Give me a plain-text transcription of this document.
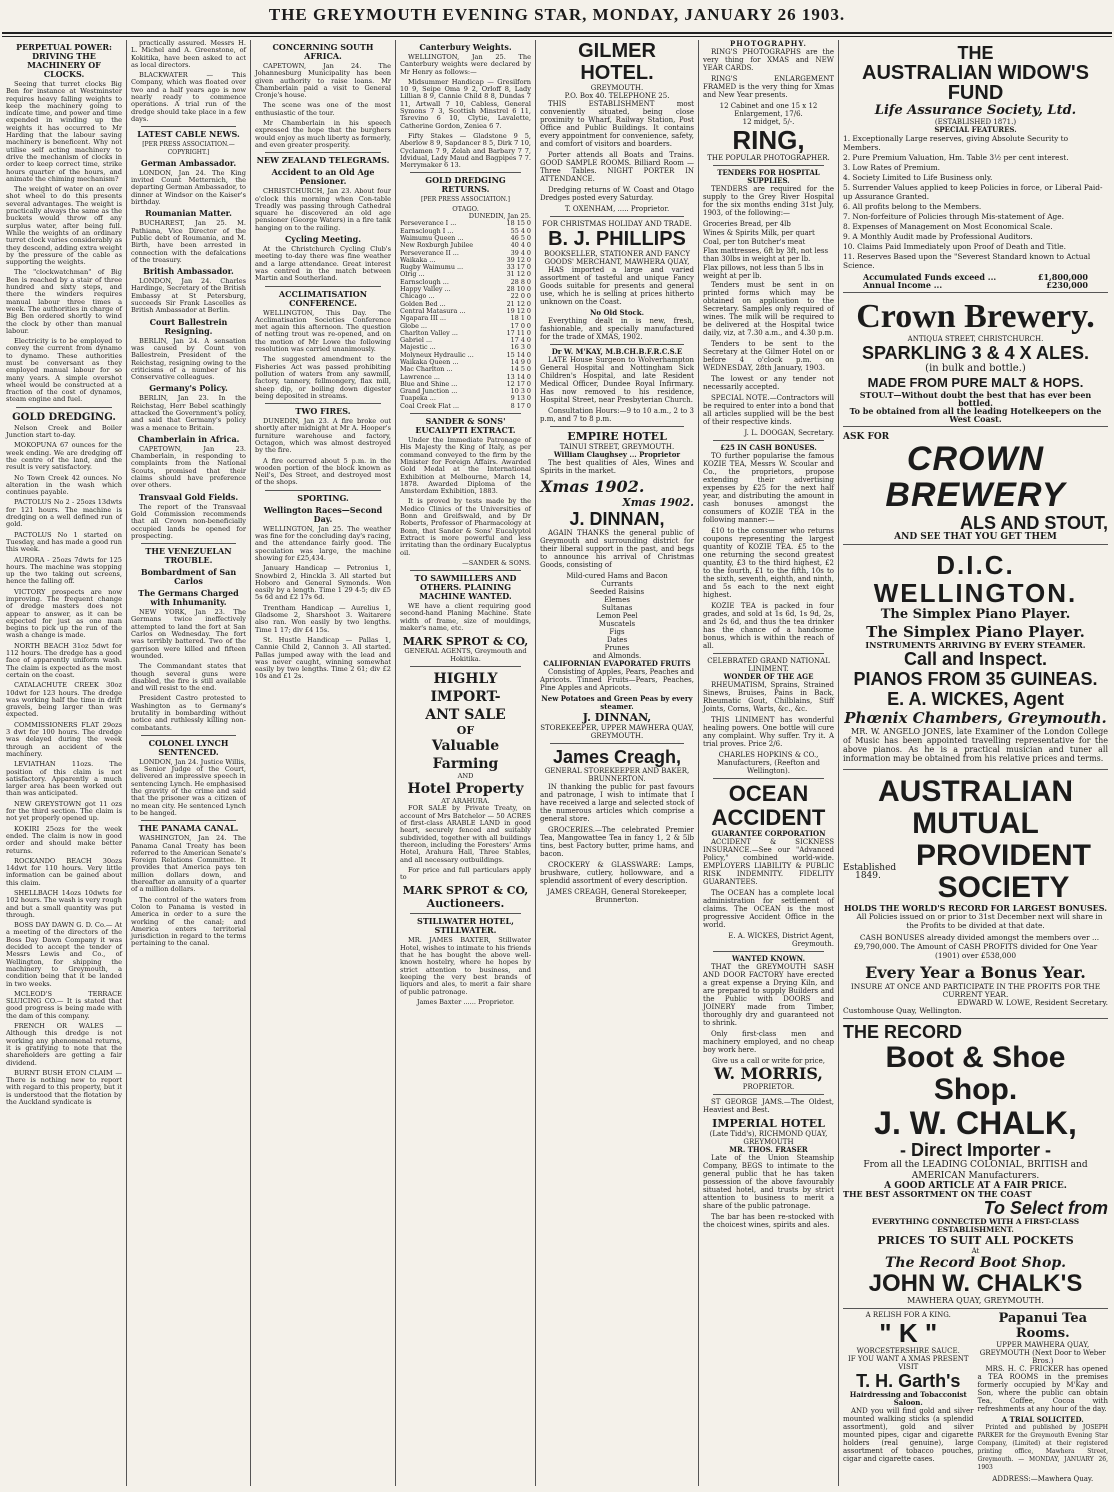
THE GREYMOUTH EVENING STAR, MONDAY, JANUARY 26 1903.
PERPETUAL POWER: DRIVING THE MACHINERY OF CLOCKS.

Seeing that turret clocks Big Ben for instance at Westminster requires heavy falling weights to keep the machinery going to indicate time, and power and time expended in winding up the weights it has occurred to Mr Harding that the labour saving machinery is beneficent. Why not utilise self acting machinery to drive the mechanism of clocks in order to keep correct time, strike hours quarter of the hours, and animate the chiming mechanism?

The weight of water on an over shot wheel to do this presents several advantages. The weight is practically always the same as the buckets would throw off any surplus water, after being full. While the weights of an ordinary turret clock varies considerably as they descend, adding extra weight by the pressure of the cable as supporting the weights.

The "clockwatchman" of Big Ben is reached by a stair of three hundred and sixty steps, and there the winders requires manual labour three times a week. The authorities in charge of Big Ben ordered shortly to wind the clock by other than manual labour.

Electricity is to be employed to convey the current from dynamo to dynamo. These authorities must be conversant as they employed manual labour for so many years. A simple overshot wheel would be constructed at a fraction of the cost of dynamos, steam engine and fuel.

GOLD DREDGING.

Nelson Creek and Boiler Junction start to-day.

MOKOPUNA 67 ounces for the week ending. We are dredging off the centre of the land, and the result is very satisfactory.

No Town Creek 42 ounces. No alteration in the wash which continues payable.

PACTOLUS No 2 - 25ozs 13dwts for 121 hours. The machine is dredging on a well defined run of gold.

PACTOLUS No 1 started on Tuesday, and has made a good run this week.

AURORA - 25ozs 7dwts for 125 hours. The machine was stopping up the two taking out screens, hence the falling off.

VICTORY prospects are now improving. The frequent change of dredge masters does not appear to answer, as it can be expected for just as one man begins to pick up the run of the wash a change is made.

NORTH BEACH 31oz 5dwt for 112 hours. The dredge has a good face of apparently uniform wash. The claim is expected as the most certain on the coast.

CATALACHUTE CREEK 30oz 10dwt for 123 hours. The dredge was working half the time in drift gravels, being larger than was expected.

COMMISSIONERS FLAT 29ozs 3 dwt for 100 hours. The dredge was delayed during the week through an accident of the machinery.

LEVIATHAN 11ozs. The position of this claim is not satisfactory. Apparently a much larger area has been worked out than was anticipated.

NEW GREYSTOWN got 11 ozs for the third section. The claim is not yet properly opened up.

KOKIRI 25ozs for the week ended. The claim is now in good order and should make better returns.

ROCKANDO BEACH 30ozs 14dwt for 110 hours. Very little information can be gained about this claim.

SHELLBACH 14ozs 10dwts for 102 hours. The wash is very rough and but a small quantity was put through.

BOSS DAY DAWN G. D. Co.— At a meeting of the directors of the Boss Day Dawn Company it was decided to accept the tender of Messrs Lewis and Co., of Wellington, for shipping the machinery to Greymouth, a condition being that it be landed in two weeks.

MCLEOD'S TERRACE SLUICING CO.— It is stated that good progress is being made with the dam of this company.

FRENCH OR WALES — Although this dredge is not working any phenomenal returns, it is gratifying to note that the shareholders are getting a fair dividend.

BURNT BUSH ETON CLAIM — There is nothing new to report with regard to this property, but it is understood that the flotation by the Auckland syndicate is

practically assured. Messrs H. L. Michel and A. Greenstone, of Kokitika, have been asked to act as local directors.

BLACKWATER — This Company, which was floated over two and a half years ago is now nearly ready to commence operations. A trial run of the dredge should take place in a few days.

LATEST CABLE NEWS.
[PER PRESS ASSOCIATION.—COPYRIGHT.]
German Ambassador.

LONDON, Jan 24. The King invited Count Metternich, the departing German Ambassador, to dinner at Windsor on the Kaiser's birthday.

Roumanian Matter.

BUCHAREST, Jan 25. M. Pathiana, Vice Director of the Public debt of Roumania, and M. Birth, have been arrested in connection with the defalcations of the treasury.

British Ambassador.

LONDON, Jan 24. Charles Hardinge, Secretary of the British Embassy at St Petersburg, succeeds Sir Frank Lascelles as British Ambassador at Berlin.

Court Ballestrein Resigning.

BERLIN, Jan 24. A sensation was caused by Count von Ballestrein, President of the Reichstag, resigning owing to the criticisms of a number of his Conservative colleagues.

Germany's Policy.

BERLIN, Jan 23. In the Reichstag, Herr Bebel scathingly attacked the Government's policy, and said that Germany's policy was a menace to Britain.

Chamberlain in Africa.

CAPETOWN, Jan 23. Chamberlain, in responding to complaints from the National Scouts, promised that their claims should have preference over others.

Transvaal Gold Fields.

The report of the Transvaal Gold Commission recommends that all Crown non-beneficially occupied lands be opened for prospecting.

THE VENEZUELAN TROUBLE.
Bombardment of San Carlos
The Germans Charged with Inhumanity.

NEW YORK, Jan 23. The Germans twice ineffectively attempted to land the fort at San Carlos on Wednesday. The fort was terribly battered. Two of the garrison were killed and fifteen wounded.

The Commandant states that though several guns were disabled, the fire is still available and will resist to the end.

President Castro protested to Washington as to Germany's brutality in bombarding without notice and ruthlessly killing non-combatants.

COLONEL LYNCH SENTENCED.

LONDON, Jan 24. Justice Willis, as Senior Judge of the Court, delivered an impressive speech in sentencing Lynch. He emphasised the gravity of the crime and said that the prisoner was a citizen of no mean city. He sentenced Lynch to be hanged.

THE PANAMA CANAL.

WASHINGTON, Jan 24. The Panama Canal Treaty has been referred to the American Senate's Foreign Relations Committee. It provides that America pays ten million dollars down, and thereafter an annuity of a quarter of a million dollars.

The control of the waters from Colon to Panama is vested in America in order to a sure the working of the canal; and America enters territorial jurisdiction in regard to the terms pertaining to the canal.

CONCERNING SOUTH AFRICA.

CAPETOWN, Jan 24. The Johannesburg Municipality has been given authority to raise loans. Mr Chamberlain paid a visit to General Cronje's house.

The scene was one of the most enthusiastic of the tour.

Mr Chamberlain in his speech expressed the hope that the burghers would enjoy as much liberty as formerly, and even greater prosperity.

NEW ZEALAND TELEGRAMS.
Accident to an Old Age Pensioner.

CHRISTCHURCH, Jan 23. About four o'clock this morning when Con-table Treadly was passing through Cathedral square he discovered an old age pensioner (George Waters) in a fire tank hanging on to the railing.

Cycling Meeting.

At the Christchurch Cycling Club's meeting to-day there was fine weather and a large attendance. Great interest was centred in the match between Martin and Southerland.

ACCLIMATISATION CONFERENCE.

WELLINGTON, This Day. The Acclimatisation Societies Conference met again this afternoon. The question of netting trout was re-opened, and on the motion of Mr Lowe the following resolution was carried unanimously.

The suggested amendment to the Fisheries Act was passed prohibiting pollution of waters from any sawmill, factory, tannery, fellmongery, flax mill, sheep dip, or boiling down digester being deposited in streams.

TWO FIRES.

DUNEDIN, Jan 23. A fire broke out shortly after midnight at Mr A. Hooper's furniture warehouse and factory, Octagon, which was almost destroyed by the fire.

A fire occurred about 5 p.m. in the wooden portion of the block known as Neil's, Des Street, and destroyed most of the shops.

SPORTING.
Wellington Races—Second Day.

WELLINGTON, Jan 25. The weather was fine for the concluding day's racing, and the attendance fairly good. The speculation was large, the machine showing for £25,434.

January Handicap — Petronius 1, Snowbird 2, Hinckla 3. All started but Hoboro and General Symonds. Won easily by a length. Time 1 29 4-5; div £5 5s 6d and £2 17s 6d.

Trentham Handicap — Aurelius 1, Gladsome 2, Sharshoot 3. Waitarere also ran. Won easily by two lengths. Time 1 17; div £4 15s.

St. Hustle Handicap — Pallas 1, Cannie Child 2, Cannon 3. All started. Pallas jumped away with the lead and was never caught, winning somewhat easily by two lengths. Time 2 61; div £2 10s and £1 2s.

Canterbury Weights.

WELLINGTON, Jan 25. The Canterbury weights were declared by Mr Henry as follows:—

Midsummer Handicap — Gresilforn 10 9, Seipe Oma 9 2, Orloff 8, Lady Lillian 8 9, Cannie Child 8 8, Dundas 7 11, Artwall 7 10, Cabless, General Symons 7 3, Scottish Minstrel 6 11, Tsrevino 6 10, Clytie, Lavalette, Catherine Gordon, Zeniea 6 7.

Fifty Stakes — Gladstone 9 5, Aberlow 8 9, Sapdancer 8 5, Dirk 7 10, Cyclamen 7 9, Zelah and Barbary 7 7, Idvidual, Lady Maud and Bagpipes 7 7. Merrymaker 6 13.

GOLD DREDGING RETURNS.
[PER PRESS ASSOCIATION.]
OTAGO.
DUNEDIN, Jan 25.
Perseverance I ...	18 15 0
Earnsclough I ...	55 4 0
Waimumu Queen ...	46 5 0
New Roxburgh Jubilee	40 4 0
Perseverance II ...	39 4 0
Waikaka ...	39 12 0
Rugby Waimumu ...	33 17 0
Olrig ...	31 12 0
Earnsclough ...	28 8 0
Happy Valley ...	28 10 0
Chicago ...	22 0 0
Golden Bed ...	21 12 0
Central Matasura ...	19 12 0
Ngapara III ...	18 1 0
Globe ...	17 0 0
Charlton Valley ...	17 11 0
Gabriel ...	17 4 0
Majestic ...	16 3 0
Molyneux Hydraulic ...	15 14 0
Waikaka Queen ...	14 9 0
Mac Charlton ...	14 5 0
Lawrence ...	13 14 0
Blue and Shine ...	12 17 0
Grand Junction ...	10 3 0
Tuapeka ...	9 13 0
Coal Creek Flat ...	8 17 0
SANDER & SONS' EUCALYPTI EXTRACT.

Under the Immediate Patronage of His Majesty the King of Italy, as per command conveyed to the firm by the Minister for Foreign Affairs. Awarded Gold Medal at the International Exhibition at Melbourne, March 14, 1878. Awarded Diploma of the Amsterdam Exhibition, 1883.

It is proved by tests made by the Medico Clinics of the Universities of Bonn and Greifswald, and by Dr Roberts, Professor of Pharmacology at Bonn, that Sander & Sons' Eucalyptol Extract is more powerful and less irritating than the ordinary Eucalyptus oil.

—SANDER & SONS.
TO SAWMILLERS AND OTHERS. PLAINING MACHINE WANTED.

WE have a client requiring good second-hand Planing Machine. State width of frame, size of mouldings, maker's name, etc.

MARK SPROT & CO,
GENERAL AGENTS, Greymouth and Hokitika.
HIGHLY IMPORT-
ANT SALE
OF
Valuable Farming
AND
Hotel Property
AT ARAHURA.

FOR SALE by Private Treaty, on account of Mrs Batchelor — 50 ACRES of first-class ARABLE LAND in good heart, securely fenced and suitably subdivided, together with all buildings thereon, including the Foresters' Arms Hotel, Arahura Hall, Three Stables, and all necessary outbuildings.

For price and full particulars apply to

MARK SPROT & CO,
Auctioneers.
STILLWATER HOTEL, STILLWATER.

MR. JAMES BAXTER, Stillwater Hotel, wishes to intimate to his friends that he has bought the above well-known hostelry, where he hopes by strict attention to business, and keeping the very best brands of liquors and ales, to merit a fair share of public patronage.

James Baxter ...... Proprietor.
GILMER HOTEL.
GREYMOUTH.
P.O. Box 40. TELEPHONE 25.

THIS ESTABLISHMENT most conveniently situated, being close proximity to Wharf, Railway Station, Post Office and Public Buildings. It contains every appointment for convenience, safety, and comfort of visitors and boarders.

Porter attends all Boats and Trains. GOOD SAMPLE ROOMS. Billiard Room — Three Tables. NIGHT PORTER IN ATTENDANCE.

Dredging returns of W. Coast and Otago Dredges posted every Saturday.

T. OXENHAM, ..... Proprietor.
FOR CHRISTMAS HOLIDAY AND TRADE.
B. J. PHILLIPS
BOOKSELLER, STATIONER AND FANCY GOODS' MERCHANT, MAWHERA QUAY,

HAS imported a large and varied assortment of tasteful and unique Fancy Goods suitable for presents and general use, which he is selling at prices hitherto unknown on the Coast.

No Old Stock.

Everything dealt in is new, fresh, fashionable, and specially manufactured for the trade of XMAS, 1902.

Dr W. M'KAY, M.B.CH.B.F.R.C.S.E

LATE House Surgeon to Wolverhampton General Hospital and Nottingham Sick Children's Hospital, and late Resident Medical Officer, Dundee Royal Infirmary. Has now removed to his residence, Hospital Street, near Presbyterian Church.

Consultation Hours:—9 to 10 a.m., 2 to 3 p.m, and 7 to 8 p.m.

EMPIRE HOTEL
TAINUI STREET, GREYMOUTH.
William Claughsey ... Proprietor

The best qualities of Ales, Wines and Spirits in the market.

Xmas 1902.
Xmas 1902.
J. DINNAN,

AGAIN THANKS the general public of Greymouth and surrounding district for their liberal support in the past, and begs to announce his arrival of Christmas Goods, consisting of

Mild-cured Hams and Bacon
Currants
Seeded Raisins
Elemes
Sultanas
Lemon Peel
Muscatels
Figs
Dates
Prunes
and Almonds.
CALIFORNIAN EVAPORATED FRUITS

Consisting of Apples, Pears, Peaches and Apricots. Tinned Fruits—Pears, Peaches, Pine Apples and Apricots.

New Potatoes and Green Peas by every steamer.
J. DINNAN,
STOREKEEPER, UPPER MAWHERA QUAY, GREYMOUTH.
James Creagh,
GENERAL STOREKEEPER AND BAKER, BRUNNERTON.

IN thanking the public for past favours and patronage, I wish to intimate that I have received a large and selected stock of the numerous articles which comprise a general store.

GROCERIES.—The celebrated Premier Tea, Mangowattee Tea in fancy 1, 2 & 5lb tins, best Factory butter, prime hams, and bacon.

CROCKERY & GLASSWARE: Lamps, brushware, cutlery, hollowware, and a splendid assortment of every description.

JAMES CREAGH, General Storekeeper, Brunnerton.
PHOTOGRAPHY.

RING'S PHOTOGRAPHS are the very thing for XMAS and NEW YEAR CARDS.

RING'S ENLARGEMENT FRAMED is the very thing for Xmas and New Year presents.

12 Cabinet and one 15 x 12 Enlargement, 17/6.
12 midget, 5/-.
RING,
THE POPULAR PHOTOGRAPHER.
TENDERS FOR HOSPITAL SUPPLIES.

TENDERS are required for the supply to the Grey River Hospital for the six months ending 31st July, 1903, of the following:—

Groceries Bread, per 4lb
Wines & Spirits Milk, per quart
Coal, per ton Butcher's meat
Flax mattresses, 6ft by 3ft, not less than 30lbs in weight at per lb.
Flax pillows, not less than 5 lbs in weight at per lb.

Tenders must be sent in on printed forms which may be obtained on application to the Secretary. Samples only required of wines. The milk will be required to be delivered at the Hospital twice daily, viz, at 7.30 a.m., and 4.30 p.m.

Tenders to be sent to the Secretary at the Gilmer Hotel on or before 4 o'clock p.m. on WEDNESDAY, 28th January, 1903.

The lowest or any tender not necessarily accepted.

SPECIAL NOTE.—Contractors will be required to enter into a bond that all articles supplied will be the best of their respective kinds.

J. L. DOOGAN, Secretary.
£25 IN CASH BONUSES.

TO further popularise the famous KOZIE TEA, Messrs W. Scoular and Co., the proprietors, propose extending their advertising expenses by £25 for the next half year, and distributing the amount in cash bonuses amongst the consumers of KOZIE TEA in the following manner:—

£10 to the consumer who returns coupons representing the largest quantity of KOZIE TEA. £5 to the one returning the second greatest quantity, £3 to the third highest, £2 to the fourth, £1 to the fifth, 10s to the sixth, seventh, eighth, and ninth, and 5s each to the next eight highest.

KOZIE TEA is packed in four grades, and sold at 1s 6d, 1s 9d, 2s, and 2s 6d, and thus the tea drinker has the chance of a handsome bonus, which is within the reach of all.

CELEBRATED GRAND NATIONAL LINIMENT.
WONDER OF THE AGE

RHEUMATISM, Sprains, Strained Sinews, Bruises, Pains in Back, Rheumatic Gout, Chilblains, Stiff Joints, Corns, Warts, &c., &c.

THIS LINIMENT has wonderful healing powers. One bottle will cure any complaint. Why suffer. Try it. A trial proves. Price 2/6.

CHARLES HOPKINS & CO., Manufacturers, (Reefton and Wellington).
OCEAN
ACCIDENT
GUARANTEE CORPORATION

ACCIDENT & SICKNESS INSURANCE.—See our "Advanced Policy," combined world-wide. EMPLOYERS LIABILITY & PUBLIC RISK INDEMNITY. FIDELITY GUARANTEES.

The OCEAN has a complete local administration for settlement of claims. The OCEAN is the most progressive Accident Office in the world.

E. A. WICKES, District Agent, Greymouth.
WANTED KNOWN.

THAT the GREYMOUTH SASH AND DOOR FACTORY have erected a great expense a Drying Kiln, and are prepared to supply Builders and the Public with DOORS and JOINERY made from Timber, thoroughly dry and guaranteed not to shrink.

Only first-class men and machinery employed, and no cheap boy work here.

Give us a call or write for price,
W. MORRIS,
PROPRIETOR.

ST GEORGE JAMS.—The Oldest, Heaviest and Best.

IMPERIAL HOTEL
(Late Tidd's), RICHMOND QUAY, GREYMOUTH
MR. THOS. FRASER

Late of the Union Steamship Company, BEGS to intimate to the general public that he has taken possession of the above favourably situated hotel, and trusts by strict attention to business to merit a share of the public patronage.

The bar has been re-stocked with the choicest wines, spirits and ales.

THE
AUSTRALIAN WIDOW'S FUND
Life Assurance Society, Ltd.
(ESTABLISHED 1871.)
SPECIAL FEATURES.
1. Exceptionally Large reserves, giving Absolute Security to Members.
2. Pure Premium Valuation, Hm. Table 3½ per cent interest.
3. Low Rates of Premium.
4. Society Limited to Life Business only.
5. Surrender Values applied to keep Policies in force, or Liberal Paid-up Assurance Granted.
6. All profits belong to the Members.
7. Non-forfeiture of Policies through Mis-statement of Age.
8. Expenses of Management on Most Economical Scale.
9. A Monthly Audit made by Professional Auditors.
10. Claims Paid Immediately upon Proof of Death and Title.
11. Reserves Based upon the "Severest Standard known to Actual Science.
Accumulated Funds exceed ...	£1,800,000
Annual Income ...	£230,000
Crown Brewery.
ANTIQUA STREET, CHRISTCHURCH.
SPARKLING 3 & 4 X ALES.
(in bulk and bottle.)
MADE FROM PURE MALT & HOPS.
STOU.T—Without doubt the best that has ever been bottled.
To be obtained from all the leading Hotelkeepers on the West Coast.
ASK FOR
CROWN BREWERY
ALS AND STOUT,
AND SEE THAT YOU GET THEM
D.I.C. WELLINGTON.
The Simplex Piano Player.
The Simplex Piano Player.
INSTRUMENTS ARRIVING BY EVERY STEAMER.
Call and Inspect.
PIANOS FROM 35 GUINEAS.
E. A. WICKES, Agent
Phœnix Chambers, Greymouth.

MR. W. ANGELO JONES, late Examiner of the London College of Music has been appointed travelling representative for the above pianos. As he is a practical musician and tuner all information may be obtained from his relative prices and terms.

AUSTRALIAN MUTUAL
Established 1849.
PROVIDENT SOCIETY
HOLDS THE WORLD'S RECORD FOR LARGEST BONUSES.

All Policies issued on or prior to 31st December next will share in the Profits to be divided at that date.

CASH BONUSES already divided amongst the members over ... £9,790,000. The Amount of CASH PROFITS divided for One Year (1901) over £538,000

Every Year a Bonus Year.
INSURE AT ONCE AND PARTICIPATE IN THE PROFITS FOR THE CURRENT YEAR.
EDWARD W. LOWE, Resident Secretary.
Customhouse Quay, Wellington.
THE RECORD
Boot & Shoe Shop.
J. W. CHALK,
- Direct Importer -
From all the LEADING COLONIAL, BRITISH and AMERICAN Manufacturers.
A GOOD ARTICLE AT A FAIR PRICE.
THE BEST ASSORTMENT ON THE COAST
To Select from
EVERYTHING CONNECTED WITH A FIRST-CLASS ESTABLISHMENT.
PRICES TO SUIT ALL POCKETS
At
The Record Boot Shop.
JOHN W. CHALK'S
MAWHERA QUAY, GREYMOUTH.
A RELISH FOR A KING.
" K "
WORCESTERSHIRE SAUCE.
IF YOU WANT A XMAS PRESENT VISIT
T. H. Garth's
Hairdressing and Tobacconist Saloon.

AND you will find gold and silver mounted walking sticks (a splendid assortment), gold and silver mounted pipes, cigar and cigarette holders (real genuine), large assortment of tobacco pouches, cigar and cigarette cases.

Papanui Tea Rooms.
UPPER MAWHERA QUAY, GREYMOUTH (Next Door to Weber Bros.)

MRS. H. C. FRICKER has opened a TEA ROOMS in the premises formerly occupied by M'Kay and Son, where the public can obtain Tea, Coffee, Cocoa with refreshments at any hour of the day.

A TRIAL SOLICITED.

Printed and published by JOSEPH PARKER for the Greymouth Evening Star Company, (Limited) at their registered printing office, Mawhera Street, Greymouth. — MONDAY, JANUARY 26, 1903

ADDRESS:—Mawhera Quay.
